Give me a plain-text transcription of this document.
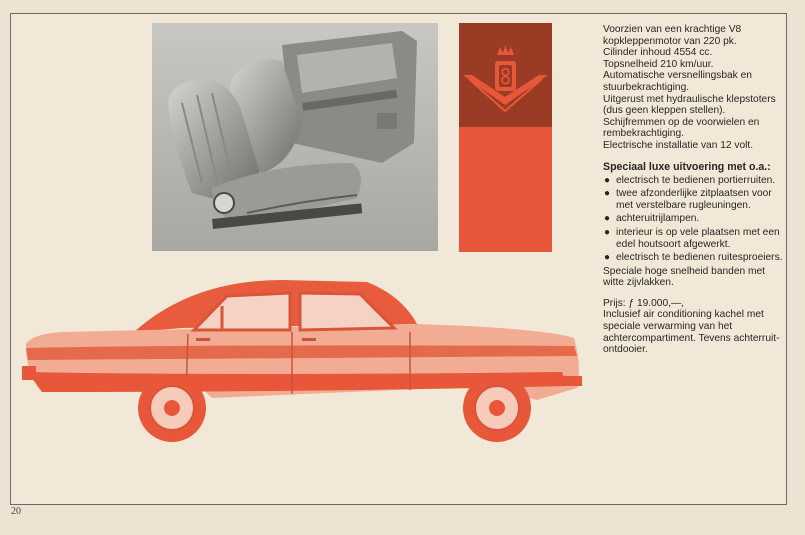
Voorzien van een krachtige V8 kopkleppenmotor van 220 pk.
Cilinder inhoud 4554 cc.
Topsnelheid 210 km/uur.
Automatische versnellingsbak en stuurbekrachtiging.
Uitgerust met hydraulische klepstoters (dus geen kleppen stellen).
Schijfremmen op de voorwielen en rembekrachtiging.
Electrische installatie van 12 volt.

Speciaal luxe uitvoering met o.a.:

● electrisch te bedienen portierruiten.
● twee afzonderlijke zitplaatsen voor met verstelbare rugleuningen.
● achteruitrijlampen.
● interieur is op vele plaatsen met een edel houtsoort afgewerkt.
● electrisch te bedienen ruitesproeiers.

Speciale hoge snelheid banden met witte zijvlakken.

Prijs: ƒ 19.000,—,

Inclusief air conditioning kachel met speciale verwarming van het achtercompartiment. Tevens achterruit-ontdooier.

20
